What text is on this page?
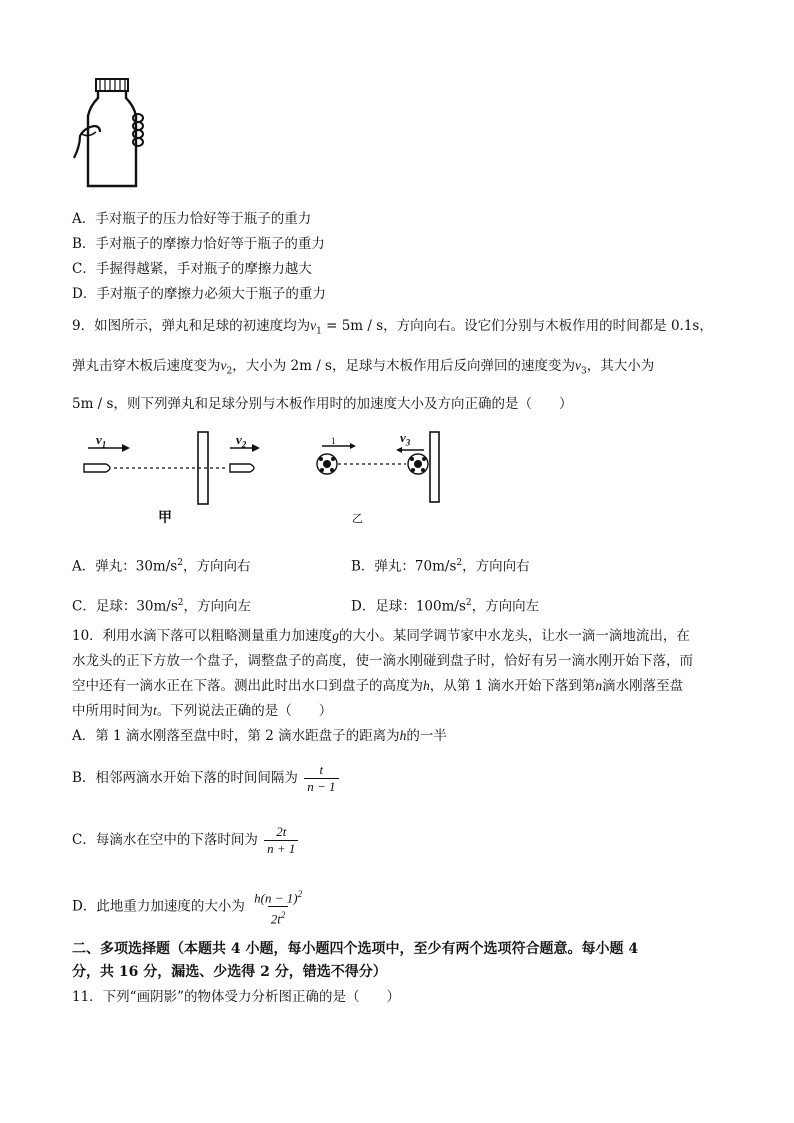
A．手对瓶子的压力恰好等于瓶子的重力
B．手对瓶子的摩擦力恰好等于瓶子的重力
C．手握得越紧，手对瓶子的摩擦力越大
D．手对瓶子的摩擦力必须大于瓶子的重力
9．如图所示，弹丸和足球的初速度均为$v_1 = 5m / s$，方向向右。设它们分别与木板作用的时间都是 0.1s，
弹丸击穿木板后速度变为$v_2$，大小为 2m / s，足球与木板作用后反向弹回的速度变为$v_3$，其大小为
5m / s，则下列弹丸和足球分别与木板作用时的加速度大小及方向正确的是（　　）
$v_1$	$v_2$
甲
1	$v_3$
乙
A．弹丸：$30m/s^2$，方向向右	B．弹丸：$70m/s^2$，方向向右
C．足球：$30m/s^2$，方向向左	D．足球：$100m/s^2$，方向向左
10．利用水滴下落可以粗略测量重力加速度g的大小。某同学调节家中水龙头，让水一滴一滴地流出，在
水龙头的正下方放一个盘子，调整盘子的高度，使一滴水刚碰到盘子时，恰好有另一滴水刚开始下落，而
空中还有一滴水正在下落。测出此时出水口到盘子的高度为h，从第 1 滴水开始下落到第n滴水刚落至盘
中所用时间为t。下列说法正确的是（　　）
A．第 1 滴水刚落至盘中时，第 2 滴水距盘子的距离为h的一半
B．相邻两滴水开始下落的时间间隔为 $\frac{t}{n - 1}$
C．每滴水在空中的下落时间为 $\frac{2t}{n + 1}$
D．此地重力加速度的大小为 $\frac{h(n - 1)^2}{2t^2}$
二、多项选择题（本题共 4 小题，每小题四个选项中，至少有两个选项符合题意。每小题 4
分，共 16 分，漏选、少选得 2 分，错选不得分）
11．下列“画阴影”的物体受力分析图正确的是（　　）
